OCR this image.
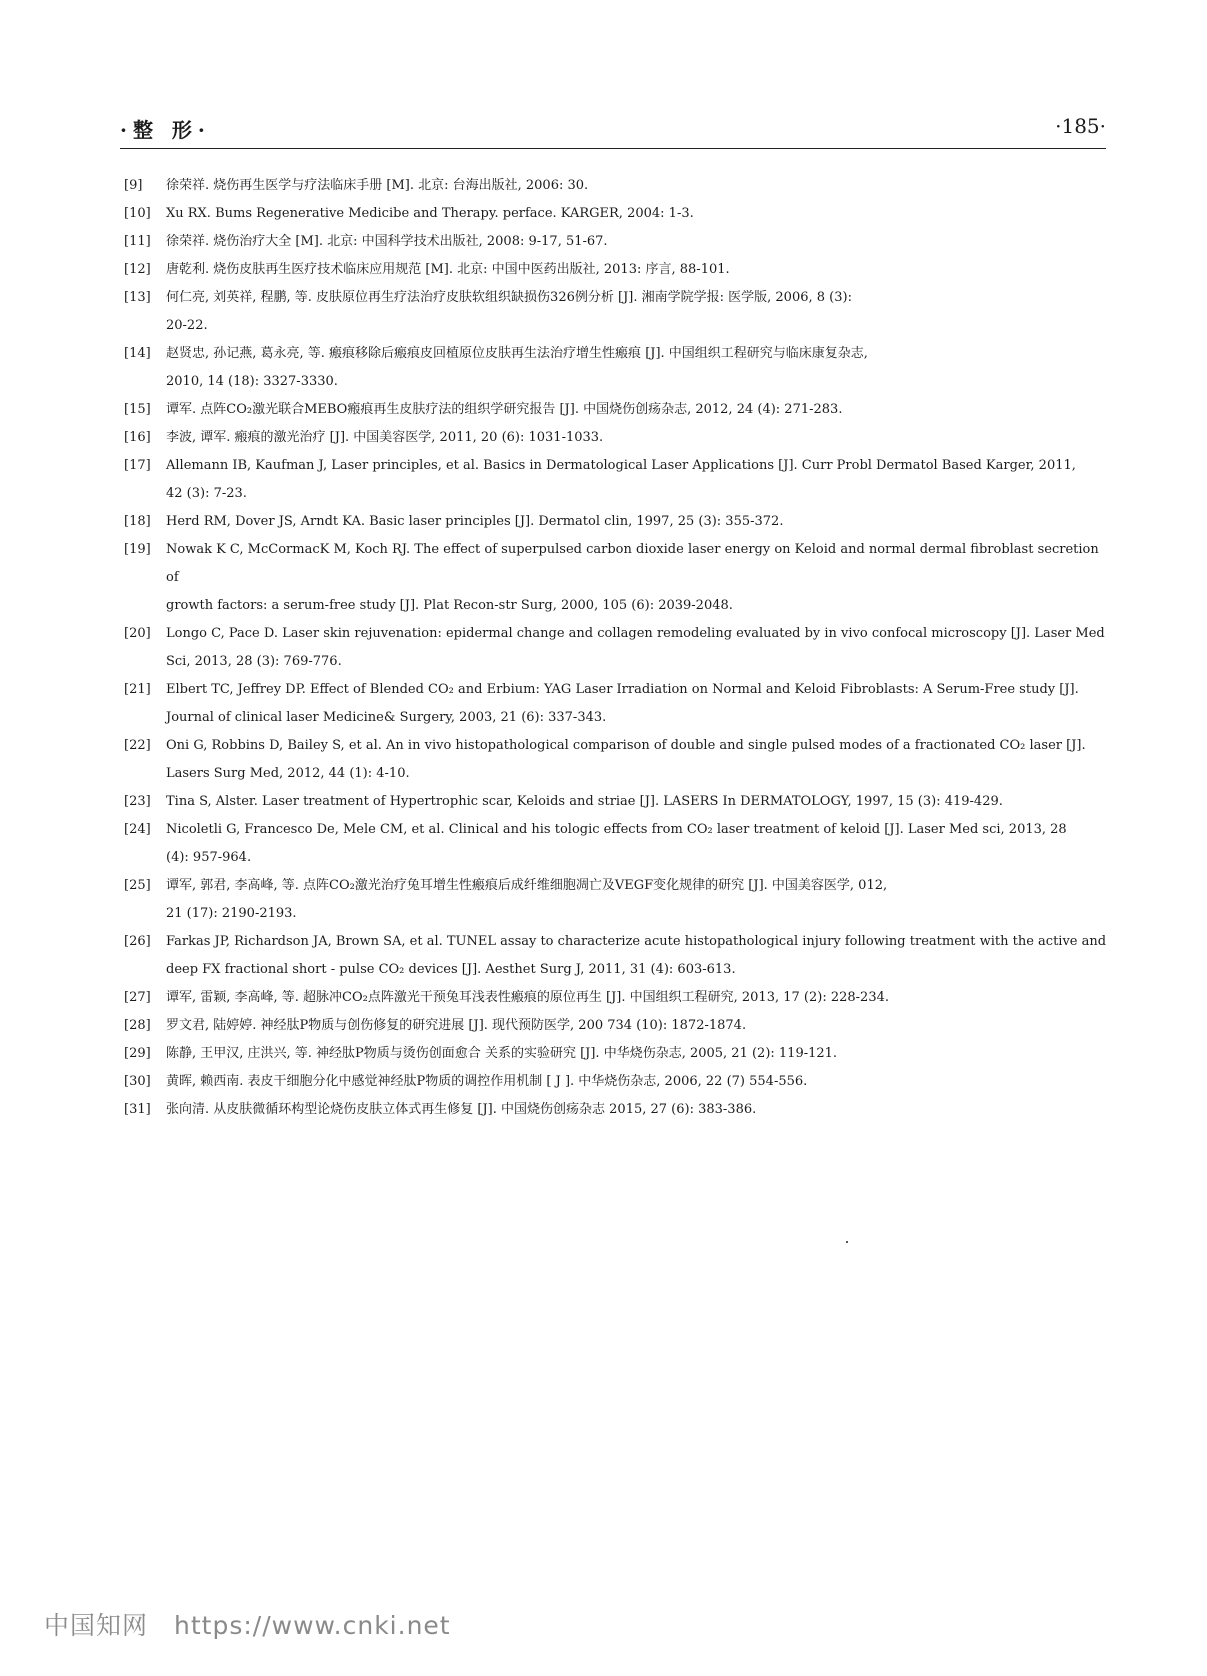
·整 形·	·185·
[9] 徐荣祥. 烧伤再生医学与疗法临床手册 [M]. 北京: 台海出版社, 2006: 30.
[10] Xu RX. Bums Regenerative Medicibe and Therapy. perface. KARGER, 2004: 1-3.
[11] 徐荣祥. 烧伤治疗大全 [M]. 北京: 中国科学技术出版社, 2008: 9-17, 51-67.
[12] 唐乾利. 烧伤皮肤再生医疗技术临床应用规范 [M]. 北京: 中国中医药出版社, 2013: 序言, 88-101.
[13] 何仁亮, 刘英祥, 程鹏, 等. 皮肤原位再生疗法治疗皮肤软组织缺损伤326例分析 [J]. 湘南学院学报: 医学版, 2006, 8 (3):
20-22.
[14] 赵贤忠, 孙记燕, 葛永亮, 等. 瘢痕移除后瘢痕皮回植原位皮肤再生法治疗增生性瘢痕 [J]. 中国组织工程研究与临床康复杂志,
2010, 14 (18): 3327-3330.
[15] 谭军. 点阵CO₂激光联合MEBO瘢痕再生皮肤疗法的组织学研究报告 [J]. 中国烧伤创疡杂志, 2012, 24 (4): 271-283.
[16] 李波, 谭军. 瘢痕的激光治疗 [J]. 中国美容医学, 2011, 20 (6): 1031-1033.
[17] Allemann IB, Kaufman J, Laser principles, et al. Basics in Dermatological Laser Applications [J]. Curr Probl Dermatol Based Karger, 2011,
42 (3): 7-23.
[18] Herd RM, Dover JS, Arndt KA. Basic laser principles [J]. Dermatol clin, 1997, 25 (3): 355-372.
[19] Nowak K C, McCormacK M, Koch RJ. The effect of superpulsed carbon dioxide laser energy on Keloid and normal dermal fibroblast secretion of
growth factors: a serum-free study [J]. Plat Recon-str Surg, 2000, 105 (6): 2039-2048.
[20] Longo C, Pace D. Laser skin rejuvenation: epidermal change and collagen remodeling evaluated by in vivo confocal microscopy [J]. Laser Med
Sci, 2013, 28 (3): 769-776.
[21] Elbert TC, Jeffrey DP. Effect of Blended CO₂ and Erbium: YAG Laser Irradiation on Normal and Keloid Fibroblasts: A Serum-Free study [J].
Journal of clinical laser Medicine& Surgery, 2003, 21 (6): 337-343.
[22] Oni G, Robbins D, Bailey S, et al. An in vivo histopathological comparison of double and single pulsed modes of a fractionated CO₂ laser [J].
Lasers Surg Med, 2012, 44 (1): 4-10.
[23] Tina S, Alster. Laser treatment of Hypertrophic scar, Keloids and striae [J]. LASERS In DERMATOLOGY, 1997, 15 (3): 419-429.
[24] Nicoletli G, Francesco De, Mele CM, et al. Clinical and his tologic effects from CO₂ laser treatment of keloid [J]. Laser Med sci, 2013, 28
(4): 957-964.
[25] 谭军, 郭君, 李高峰, 等. 点阵CO₂激光治疗兔耳增生性瘢痕后成纤维细胞凋亡及VEGF变化规律的研究 [J]. 中国美容医学, 012,
21 (17): 2190-2193.
[26] Farkas JP, Richardson JA, Brown SA, et al. TUNEL assay to characterize acute histopathological injury following treatment with the active and
deep FX fractional short - pulse CO₂ devices [J]. Aesthet Surg J, 2011, 31 (4): 603-613.
[27] 谭军, 雷颖, 李高峰, 等. 超脉冲CO₂点阵激光干预兔耳浅表性瘢痕的原位再生 [J]. 中国组织工程研究, 2013, 17 (2): 228-234.
[28] 罗文君, 陆婷婷. 神经肽P物质与创伤修复的研究进展 [J]. 现代预防医学, 200 734 (10): 1872-1874.
[29] 陈静, 王甲汉, 庄洪兴, 等. 神经肽P物质与烫伤创面愈合 关系的实验研究 [J]. 中华烧伤杂志, 2005, 21 (2): 119-121.
[30] 黄晖, 赖西南. 表皮干细胞分化中感觉神经肽P物质的调控作用机制 [ J ]. 中华烧伤杂志, 2006, 22 (7) 554-556.
[31] 张向清. 从皮肤微循环构型论烧伤皮肤立体式再生修复 [J]. 中国烧伤创疡杂志 2015, 27 (6): 383-386.
中国知网 https://www.cnki.net
